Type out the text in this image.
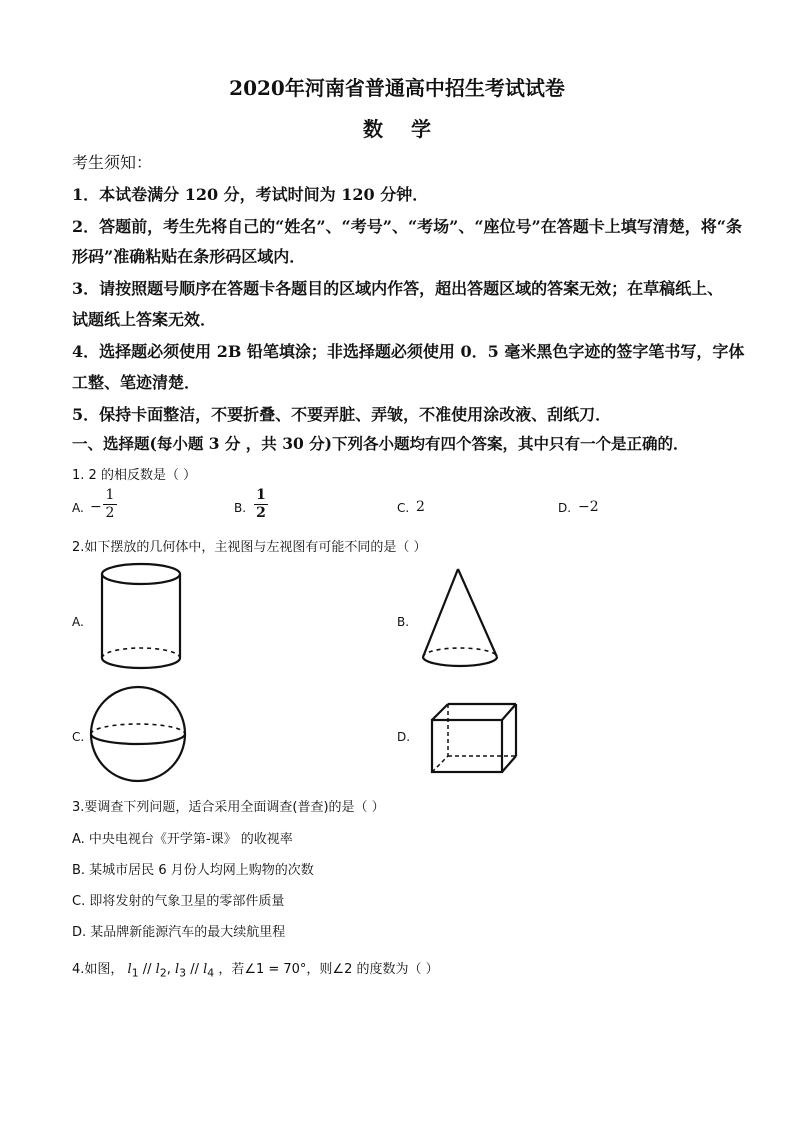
2020年河南省普通高中招生考试试卷
数 学
考生须知：
1．本试卷满分 120 分，考试时间为 120 分钟．
2．答题前，考生先将自己的“姓名”、“考号”、“考场”、“座位号”在答题卡上填写清楚，将“条
形码”准确粘贴在条形码区域内．
3．请按照题号顺序在答题卡各题目的区域内作答，超出答题区域的答案无效；在草稿纸上、
试题纸上答案无效．
4．选择题必须使用 2B 铅笔填涂；非选择题必须使用 0．5 毫米黑色字迹的签字笔书写，字体
工整、笔迹清楚．
5．保持卡面整洁，不要折叠、不要弄脏、弄皱，不准使用涂改液、刮纸刀．
一、选择题(每小题 3 分 ，共 30 分)下列各小题均有四个答案，其中只有一个是正确的．
1. 2 的相反数是（ ）
A. −
1
2	B.
1
2	C. 2	D. −2
2.如下摆放的几何体中，主视图与左视图有可能不同的是（ ）
A.	B.
C.	D.
3.要调查下列问题，适合采用全面调查(普查)的是（ ）
A. 中央电视台《开学第-课》 的收视率
B. 某城市居民 6 月份人均网上购物的次数
C. 即将发射的气象卫星的零部件质量
D. 某品牌新能源汽车的最大续航里程
4.如图， $l_1 // l_2$, $l_3 // l_4$ ，若∠1 = 70°，则∠2 的度数为（ ）
